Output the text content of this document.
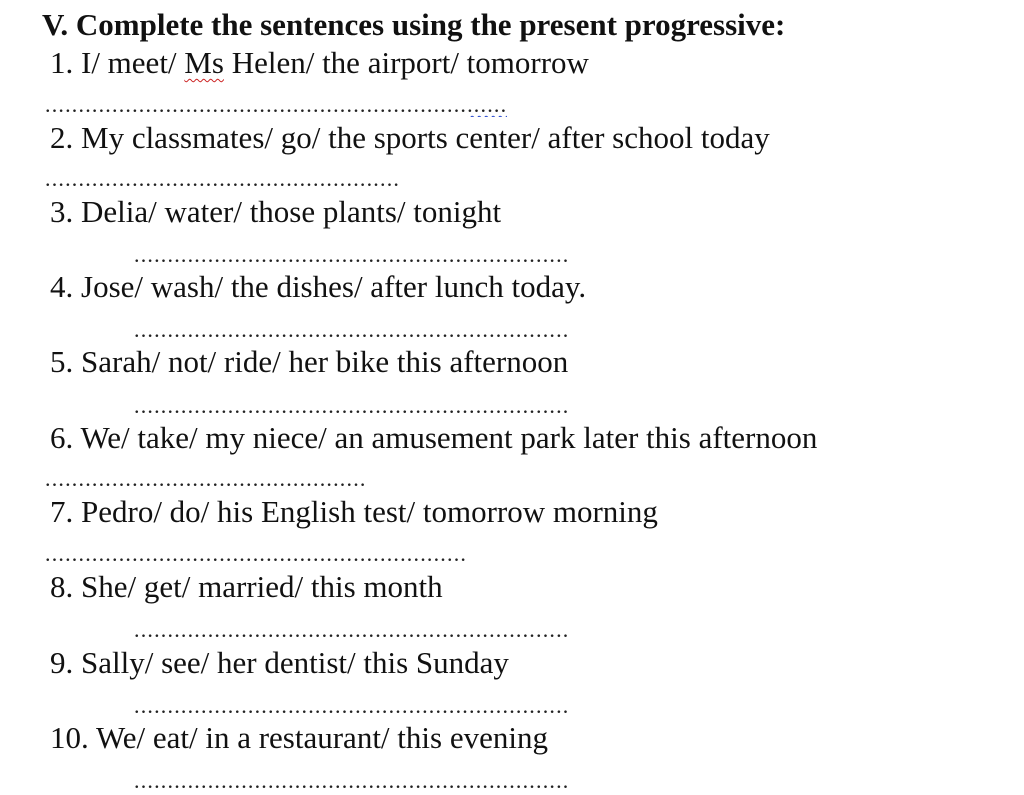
V. Complete the sentences using the present progressive:
1. I/ meet/ Ms Helen/ the airport/ tomorrow
.....................................................................
2. My classmates/ go/ the sports center/ after school today
.....................................................
3. Delia/ water/ those plants/ tonight
.................................................................
4. Jose/ wash/ the dishes/ after lunch today.
.................................................................
5. Sarah/ not/ ride/ her bike this afternoon
.................................................................
6. We/ take/ my niece/ an amusement park later this afternoon
................................................
7. Pedro/ do/ his English test/ tomorrow morning
...............................................................
8. She/ get/ married/ this month
.................................................................
9. Sally/ see/ her dentist/ this Sunday
.................................................................
10. We/ eat/ in a restaurant/ this evening
.................................................................
